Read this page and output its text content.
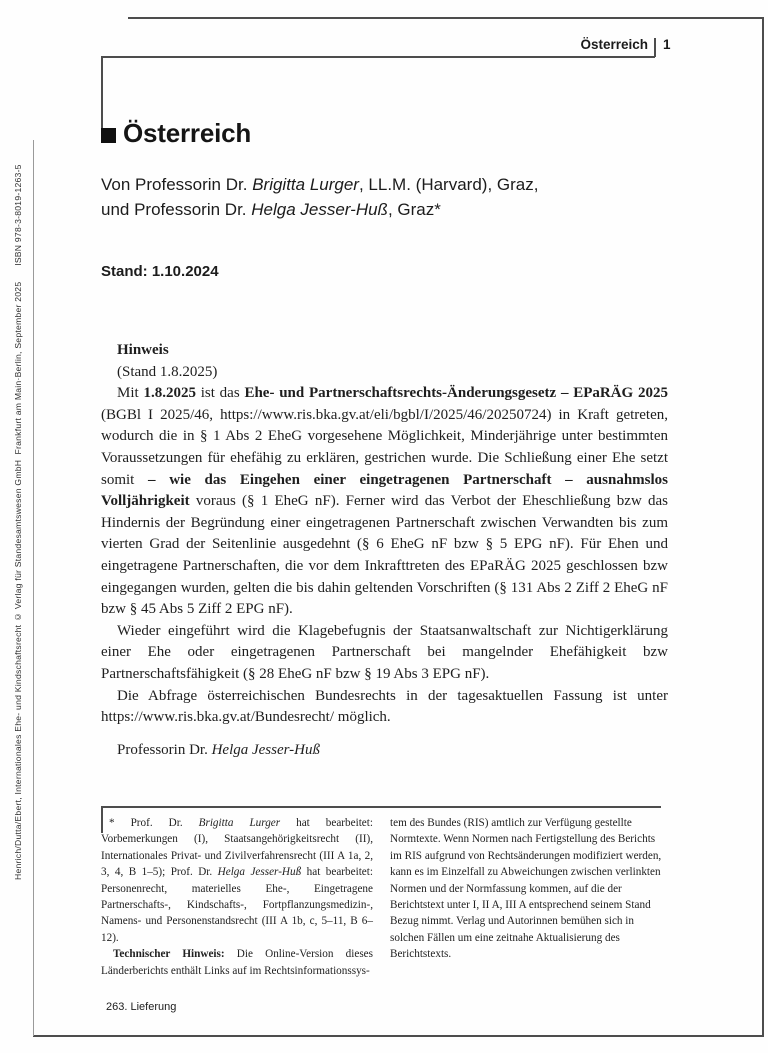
Henrich/Dutta/Ebert, Internationales Ehe- und Kindschaftsrecht © Verlag für Standesamtswesen GmbH  Frankfurt am Main·Berlin, September 2025      ISBN 978-3-8019-1263-5
Österreich 1
Österreich

Von Professorin Dr. Brigitta Lurger, LL.M. (Harvard), Graz,
und Professorin Dr. Helga Jesser-Huß, Graz*

Stand: 1.10.2024

Hinweis

(Stand 1.8.2025)

Mit 1.8.2025 ist das Ehe- und Partnerschaftsrechts-Änderungsgesetz – EPaRÄG 2025 (BGBl I 2025/46, https://www.ris.bka.gv.at/eli/bgbl/I/2025/46/20250724) in Kraft getreten, wodurch die in § 1 Abs 2 EheG vorgesehene Möglichkeit, Minderjährige unter bestimmten Voraussetzungen für ehefähig zu erklären, gestrichen wurde. Die Schließung einer Ehe setzt somit – wie das Eingehen einer eingetragenen Partnerschaft – ausnahmslos Volljährigkeit voraus (§ 1 EheG nF). Ferner wird das Verbot der Eheschließung bzw das Hindernis der Begründung einer eingetragenen Partnerschaft zwischen Verwandten bis zum vierten Grad der Seitenlinie ausgedehnt (§ 6 EheG nF bzw § 5 EPG nF). Für Ehen und eingetragene Partnerschaften, die vor dem Inkrafttreten des EPaRÄG 2025 geschlossen bzw eingegangen wurden, gelten die bis dahin geltenden Vorschriften (§ 131 Abs 2 Ziff 2 EheG nF bzw § 45 Abs 5 Ziff 2 EPG nF).

Wieder eingeführt wird die Klagebefugnis der Staatsanwaltschaft zur Nichtigerklärung einer Ehe oder eingetragenen Partnerschaft bei mangelnder Ehefähigkeit bzw Partnerschaftsfähigkeit (§ 28 EheG nF bzw § 19 Abs 3 EPG nF).

Die Abfrage österreichischen Bundesrechts in der tagesaktuellen Fassung ist unter https://www.ris.bka.gv.at/Bundesrecht/ möglich.

Professorin Dr. Helga Jesser-Huß

* Prof. Dr. Brigitta Lurger hat bearbeitet: Vorbemerkungen (I), Staatsangehörigkeitsrecht (II), Internationales Privat- und Zivilverfahrensrecht (III A 1a, 2, 3, 4, B 1–5); Prof. Dr. Helga Jesser-Huß hat bearbeitet: Personenrecht, materielles Ehe-, Eingetragene Partnerschafts-, Kindschafts-, Fortpflanzungsmedizin-, Namens- und Personenstandsrecht (III A 1b, c, 5–11, B 6–12).

Technischer Hinweis: Die Online-Version dieses Länderberichts enthält Links auf im Rechtsinformationssys-

tem des Bundes (RIS) amtlich zur Verfügung gestellte Normtexte. Wenn Normen nach Fertigstellung des Berichts im RIS aufgrund von Rechtsänderungen modifiziert werden, kann es im Einzelfall zu Abweichungen zwischen verlinkten Normen und der Normfassung kommen, auf die der Berichtstext unter I, II A, III A entsprechend seinem Stand Bezug nimmt. Verlag und Autorinnen bemühen sich in solchen Fällen um eine zeitnahe Aktualisierung des Berichtstexts.

263. Lieferung
